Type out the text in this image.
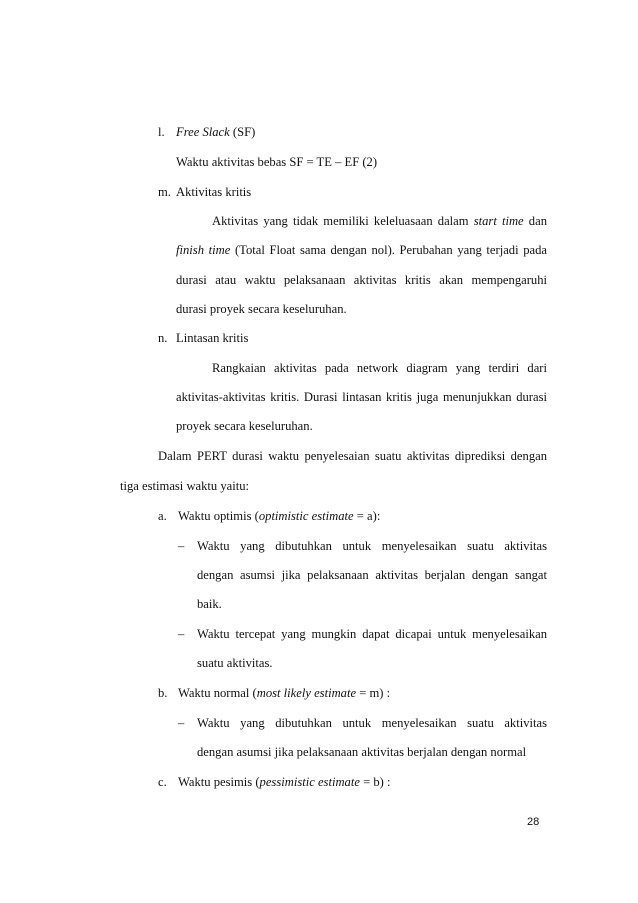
l. Free Slack (SF)
Waktu aktivitas bebas SF = TE – EF (2)
m. Aktivitas kritis
Aktivitas yang tidak memiliki keleluasaan dalam start time dan
finish time (Total Float sama dengan nol). Perubahan yang terjadi pada
durasi atau waktu pelaksanaan aktivitas kritis akan mempengaruhi
durasi proyek secara keseluruhan.
n. Lintasan kritis
Rangkaian aktivitas pada network diagram yang terdiri dari
aktivitas-aktivitas kritis. Durasi lintasan kritis juga menunjukkan durasi
proyek secara keseluruhan.
Dalam PERT durasi waktu penyelesaian suatu aktivitas diprediksi dengan
tiga estimasi waktu yaitu:
a. Waktu optimis (optimistic estimate = a):
– Waktu yang dibutuhkan untuk menyelesaikan suatu aktivitas
dengan asumsi jika pelaksanaan aktivitas berjalan dengan sangat
baik.
– Waktu tercepat yang mungkin dapat dicapai untuk menyelesaikan
suatu aktivitas.
b. Waktu normal (most likely estimate = m) :
– Waktu yang dibutuhkan untuk menyelesaikan suatu aktivitas
dengan asumsi jika pelaksanaan aktivitas berjalan dengan normal
c. Waktu pesimis (pessimistic estimate = b) :
28
